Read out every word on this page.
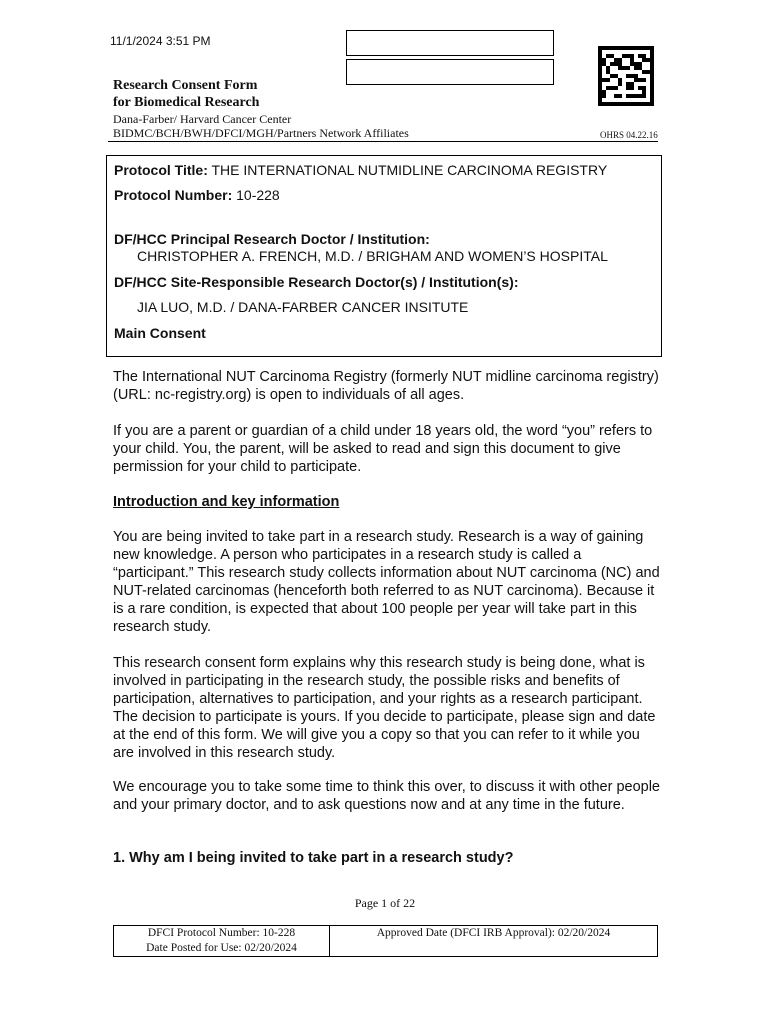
11/1/2024 3:51 PM
Research Consent Form
for Biomedical Research
Dana-Farber/ Harvard Cancer Center
BIDMC/BCH/BWH/DFCI/MGH/Partners Network Affiliates	OHRS 04.22.16
Protocol Title: THE INTERNATIONAL NUTMIDLINE CARCINOMA REGISTRY
Protocol Number: 10-228
DF/HCC Principal Research Doctor / Institution:
CHRISTOPHER A. FRENCH, M.D. / BRIGHAM AND WOMEN’S HOSPITAL
DF/HCC Site-Responsible Research Doctor(s) / Institution(s):
JIA LUO, M.D. / DANA-FARBER CANCER INSITUTE
Main Consent

The International NUT Carcinoma Registry (formerly NUT midline carcinoma registry) (URL: nc-registry.org) is open to individuals of all ages.

If you are a parent or guardian of a child under 18 years old, the word “you” refers to your child. You, the parent, will be asked to read and sign this document to give permission for your child to participate.

Introduction and key information

You are being invited to take part in a research study. Research is a way of gaining new knowledge. A person who participates in a research study is called a “participant.” This research study collects information about NUT carcinoma (NC) and NUT-related carcinomas (henceforth both referred to as NUT carcinoma). Because it is a rare condition, is expected that about 100 people per year will take part in this research study.

This research consent form explains why this research study is being done, what is involved in participating in the research study, the possible risks and benefits of participation, alternatives to participation, and your rights as a research participant. The decision to participate is yours. If you decide to participate, please sign and date at the end of this form. We will give you a copy so that you can refer to it while you are involved in this research study.

We encourage you to take some time to think this over, to discuss it with other people and your primary doctor, and to ask questions now and at any time in the future.

1. Why am I being invited to take part in a research study?
Page 1 of 22
DFCI Protocol Number: 10-228
Date Posted for Use: 02/20/2024
	Approved Date (DFCI IRB Approval): 02/20/2024
